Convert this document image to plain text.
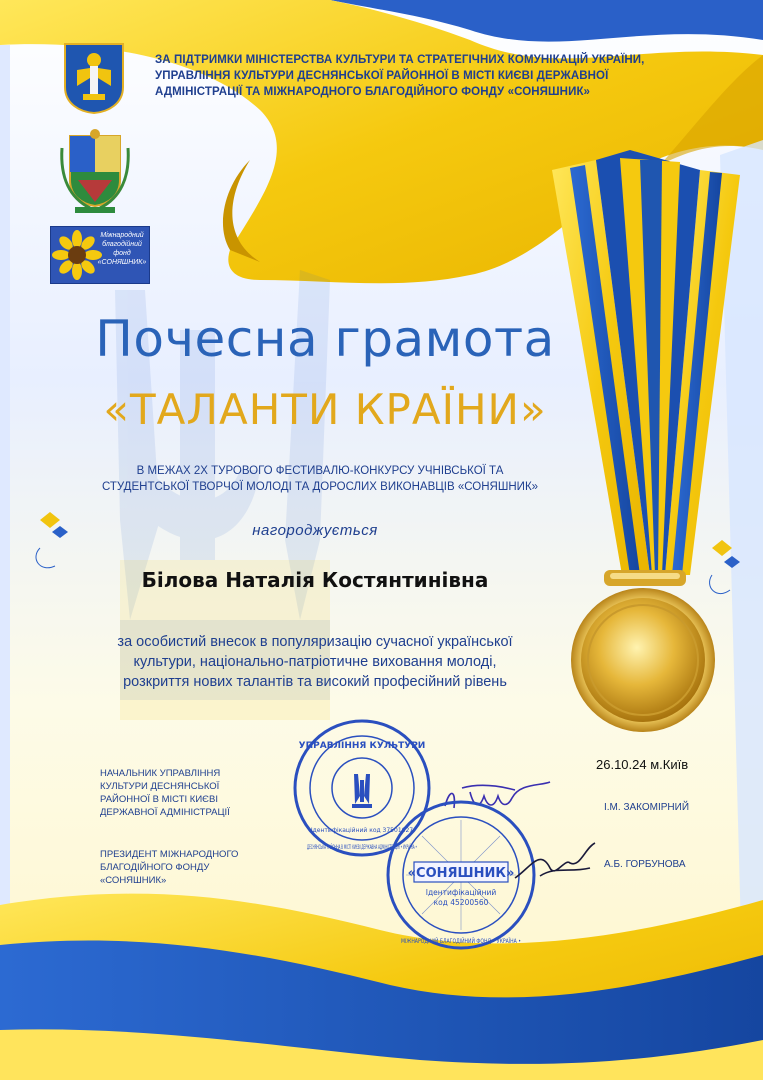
Міжнародний благодійний фонд «СОНЯШНИК»
ЗА ПІДТРИМКИ МІНІСТЕРСТВА КУЛЬТУРИ ТА СТРАТЕГІЧНИХ КОМУНІКАЦІЙ УКРАЇНИ,
УПРАВЛІННЯ КУЛЬТУРИ ДЕСНЯНСЬКОЇ РАЙОННОЇ В МІСТІ КИЄВІ ДЕРЖАВНОЇ
АДМІНІСТРАЦІЇ ТА МІЖНАРОДНОГО БЛАГОДІЙНОГО ФОНДУ «СОНЯШНИК»
Почесна грамота
«ТАЛАНТИ КРАЇНИ»
В МЕЖАХ 2Х ТУРОВОГО ФЕСТИВАЛЮ-КОНКУРСУ УЧНІВСЬКОЇ ТА
СТУДЕНТСЬКОЇ ТВОРЧОЇ МОЛОДІ ТА ДОРОСЛИХ ВИКОНАВЦІВ «СОНЯШНИК»
нагороджується
Білова Наталія Костянтинівна
за особистий внесок в популяризацію сучасної української
культури, національно-патріотичне виховання молоді,
розкриття нових талантів та високий професійний рівень
26.10.24 м.Київ
НАЧАЛЬНИК УПРАВЛІННЯ
КУЛЬТУРИ ДЕСНЯНСЬКОЇ
РАЙОННОЇ В МІСТІ КИЄВІ
ДЕРЖАВНОЇ АДМІНІСТРАЦІЇ	І.М. ЗАКОМІРНИЙ
ПРЕЗИДЕНТ МІЖНАРОДНОГО
БЛАГОДІЙНОГО ФОНДУ
«СОНЯШНИК»
А.Б. ГОРБУНОВА
УПРАВЛІННЯ КУЛЬТУРИ
Ідентифікаційний код 37501627
«СОНЯШНИК»
Ідентифікаційний
код 45200560
МІЖНАРОДНИЙ БЛАГОДІЙНИЙ ФОНД • УКРАЇНА •
